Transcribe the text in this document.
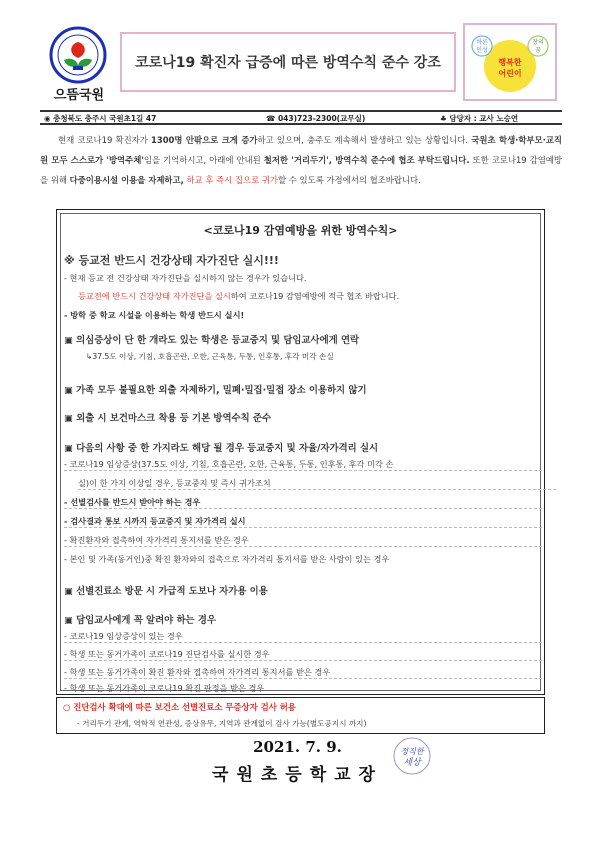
으뜸국원
코로나19 확진자 급증에 따른 방역수칙 준수 강조
바른
인성
행복한
어린이
창의
꿈
◉ 충청북도 충주시 국원초1길 47	☎ 043)723-2300(교무실)	♣ 담당자 : 교사 노승연
현재 코로나19 확진자가 1300명 안팎으로 크게 증가하고 있으며, 충주도 계속해서 발생하고 있는 상황입니다. 국원초 학생·학부모·교직원 모두 스스로가 '방역주체'임을 기억하시고, 아래에 안내된 철저한 '거리두기', 방역수칙 준수에 협조 부탁드립니다. 또한 코로나19 감염예방을 위해 다중이용시설 이용을 자제하고, 하교 후 즉시 집으로 귀가할 수 있도록 가정에서의 협조바랍니다.
<코로나19 감염예방을 위한 방역수칙>
※ 등교전 반드시 건강상태 자가진단 실시!!!
- 현재 등교 전 건강상태 자가진단을 실시하지 않는 경우가 있습니다.
등교전에 반드시 건강상태 자가진단을 실시하여 코로나19 감염예방에 적극 협조 바랍니다.
- 방학 중 학교 시설을 이용하는 학생 반드시 실시!
▣ 의심증상이 단 한 개라도 있는 학생은 등교중지 및 담임교사에게 연락
↳37.5도 이상, 기침, 호흡곤란, 오한, 근육통, 두통, 인후통, 후각 미각 손실
▣ 가족 모두 불필요한 외출 자제하기, 밀폐·밀집·밀접 장소 이용하지 않기
▣ 외출 시 보건마스크 착용 등 기본 방역수칙 준수
▣ 다음의 사항 중 한 가지라도 해당 될 경우 등교중지 및 자율/자가격리 실시
- 코로나19 임상증상(37.5도 이상, 기침, 호흡곤란, 오한, 근육통, 두통, 인후통, 후각 미각 손
실)이 한 가지 이상일 경우, 등교중지 및 즉시 귀가조치
- 선별검사를 반드시 받아야 하는 경우
- 검사결과 통보 시까지 등교중지 및 자가격리 실시
- 확진환자와 접촉하여 자가격리 통지서를 받은 경우
- 본인 및 가족(동거인)중 확진 환자와의 접촉으로 자가격리 통지서를 받은 사람이 있는 경우
▣ 선별진료소 방문 시 가급적 도보나 자가용 이용
▣ 담임교사에게 꼭 알려야 하는 경우
- 코로나19 임상증상이 있는 경우
- 학생 또는 동거가족이 코로나19 진단검사를 실시한 경우
- 학생 또는 동거가족이 확진 환자와 접촉하여 자가격리 통지서를 받은 경우
- 학생 또는 동거가족이 코로나19 확진 판정을 받은 경우
○ 진단검사 확대에 따른 보건소 선별진료소 무증상자 검사 허용
- 거리두기 관계, 역학적 연관성, 증상유무, 지역과 관계없이 검사 가능(별도공지시 까지)
2021. 7. 9.
국원초등학교장
정직한
세상
